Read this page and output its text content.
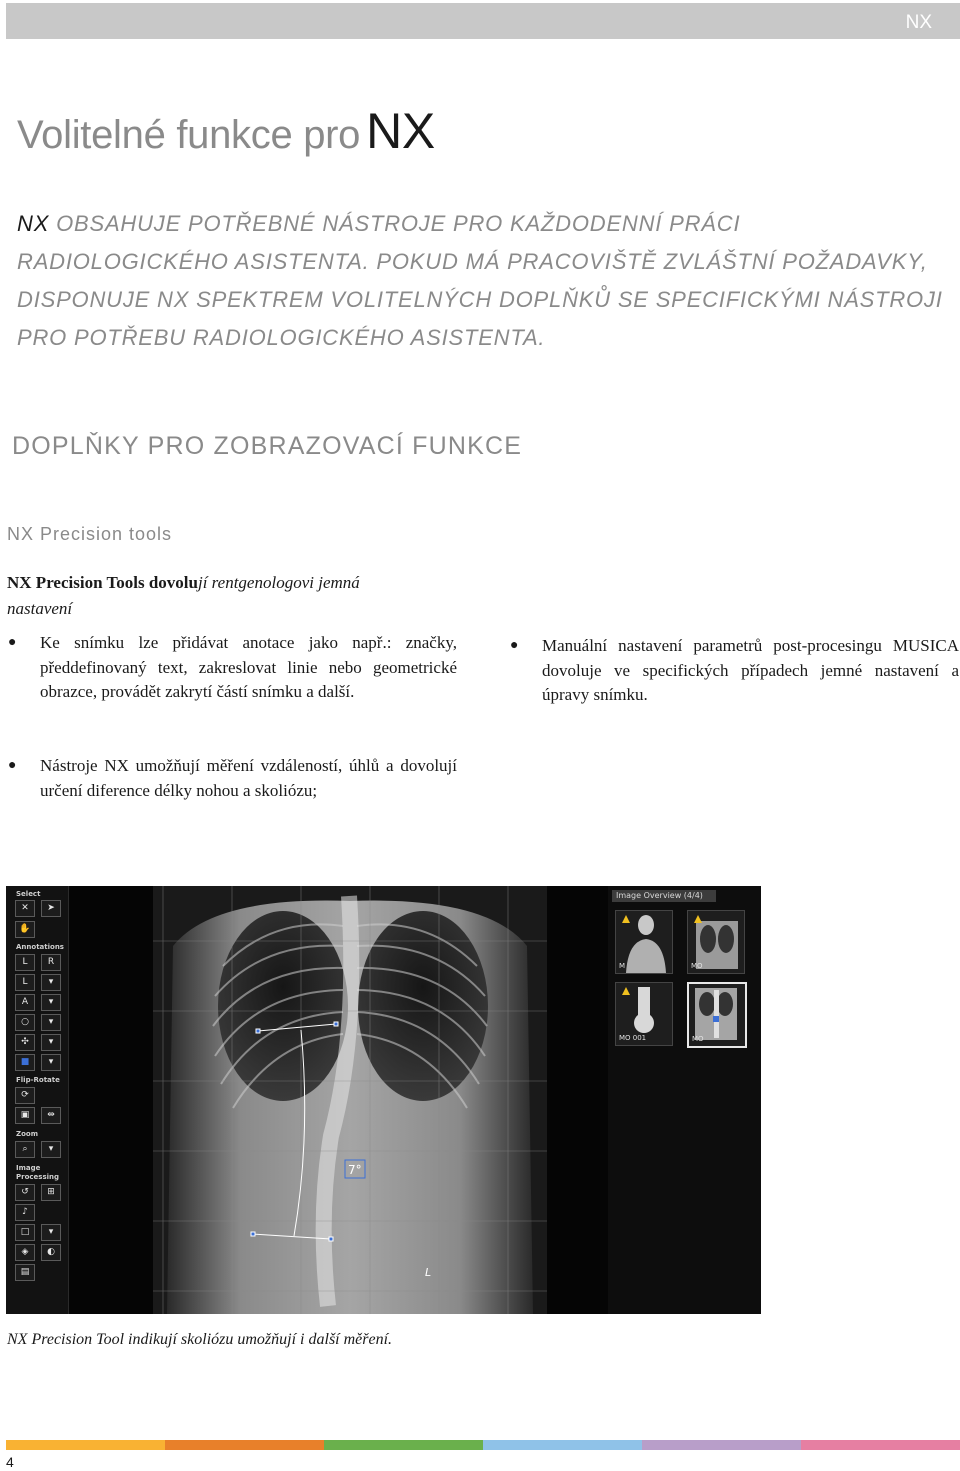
NX
Volitelné funkce pro NX

NX OBSAHUJE POTŘEBNÉ NÁSTROJE PRO KAŽDODENNÍ PRÁCI RADIOLOGICKÉHO ASISTENTA. POKUD MÁ PRACOVIŠTĚ ZVLÁŠTNÍ POŽADAVKY, DISPONUJE NX SPEKTREM VOLITELNÝCH DOPLŇKŮ SE SPECIFICKÝMI NÁSTROJI PRO POTŘEBU RADIOLOGICKÉHO ASISTENTA.

DOPLŇKY PRO ZOBRAZOVACÍ FUNKCE
NX Precision tools

NX Precision Tools dovolují rentgenologovi jemná nastavení

● Ke snímku lze přidávat anotace jako např.: značky, předdefinovaný text, zakreslovat linie nebo geometrické obrazce, provádět zakrytí částí snímku a další.

● Manuální nastavení parametrů post-procesingu MUSICA dovoluje ve specifických případech jemné nastavení a úpravy snímku.

● Nástroje NX umožňují měření vzdáleností, úhlů a dovolují určení diference délky nohou a skoliózu;

Select
✕	➤
✋
Annotations
L	R
L	▾
A	▾
○	▾
✣	▾
■	▾
Flip-Rotate
⟳
▣	⇹
Zoom
⌕	▾
Image Processing
↺	⊞
♪
□	▾
◈	◐
▤
7°
L
Image Overview (4/4)
M	MO
MO 001	MO

NX Precision Tool indikují skoliózu umožňují i další měření.

4
